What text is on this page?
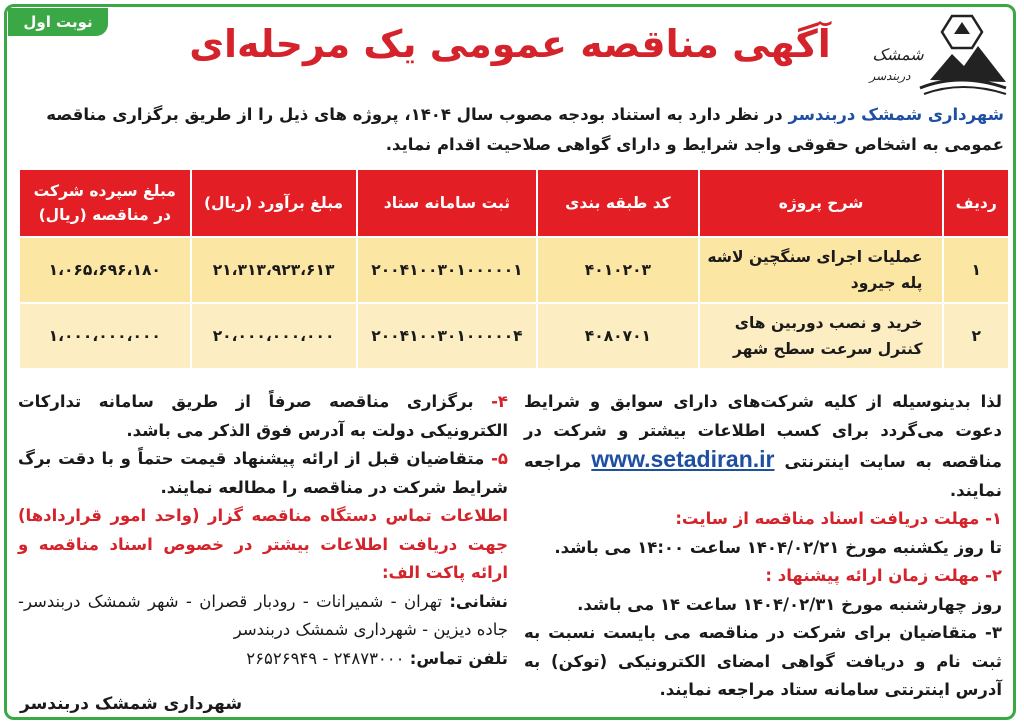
نوبت اول
شمشک
دربندسر
آگهی مناقصه عمومی یک مرحله‌ای
شهرداری شمشک دربندسر در نظر دارد به استناد بودجه مصوب سال ۱۴۰۴، پروژه های ذیل را از طریق برگزاری مناقصه عمومی به اشخاص حقوقی واجد شرایط و دارای گواهی صلاحیت اقدام نماید.
ردیف	شرح پروژه	کد طبقه بندی	ثبت سامانه ستاد	مبلغ برآورد (ریال)	مبلغ سپرده شرکت در مناقصه (ریال)
۱	عملیات اجرای سنگچین لاشه پله جیرود	۴۰۱۰۲۰۳	۲۰۰۴۱۰۰۳۰۱۰۰۰۰۰۱	۲۱،۳۱۳،۹۲۳،۶۱۳	۱،۰۶۵،۶۹۶،۱۸۰
۲	خرید و نصب دوربین های کنترل سرعت سطح شهر	۴۰۸۰۷۰۱	۲۰۰۴۱۰۰۳۰۱۰۰۰۰۰۴	۲۰،۰۰۰،۰۰۰،۰۰۰	۱،۰۰۰،۰۰۰،۰۰۰

لذا بدینوسیله از کلیه شرکت‌های دارای سوابق و شرایط دعوت می‌گردد برای کسب اطلاعات بیشتر و شرکت در مناقصه به سایت اینترنتی www.setadiran.ir مراجعه نمایند.

۱- مهلت دریافت اسناد مناقصه از سایت:

تا روز یکشنبه مورخ ۱۴۰۴/۰۲/۲۱ ساعت ۱۴:۰۰ می باشد.

۲- مهلت زمان ارائه پیشنهاد :

روز چهارشنبه مورخ ۱۴۰۴/۰۲/۳۱ ساعت ۱۴ می باشد.

۳- متقاضیان برای شرکت در مناقصه می بایست نسبت به ثبت نام و دریافت گواهی امضای الکترونیکی (توکن) به آدرس اینترنتی سامانه ستاد مراجعه نمایند.

۴- برگزاری مناقصه صرفاً از طریق سامانه تدارکات الکترونیکی دولت به آدرس فوق الذکر می باشد.

۵- متقاضیان قبل از ارائه پیشنهاد قیمت حتماً و با دقت برگ شرایط شرکت در مناقصه را مطالعه نمایند.

اطلاعات تماس دستگاه مناقصه گزار (واحد امور قراردادها) جهت دریافت اطلاعات بیشتر در خصوص اسناد مناقصه و ارائه پاکت الف:

نشانی: تهران - شمیرانات - رودبار قصران - شهر شمشک دربندسر- جاده دیزین - شهرداری شمشک دربندسر

تلفن تماس: ۲۴۸۷۳۰۰۰ - ۲۶۵۲۶۹۴۹

شهرداری شمشک دربندسر
